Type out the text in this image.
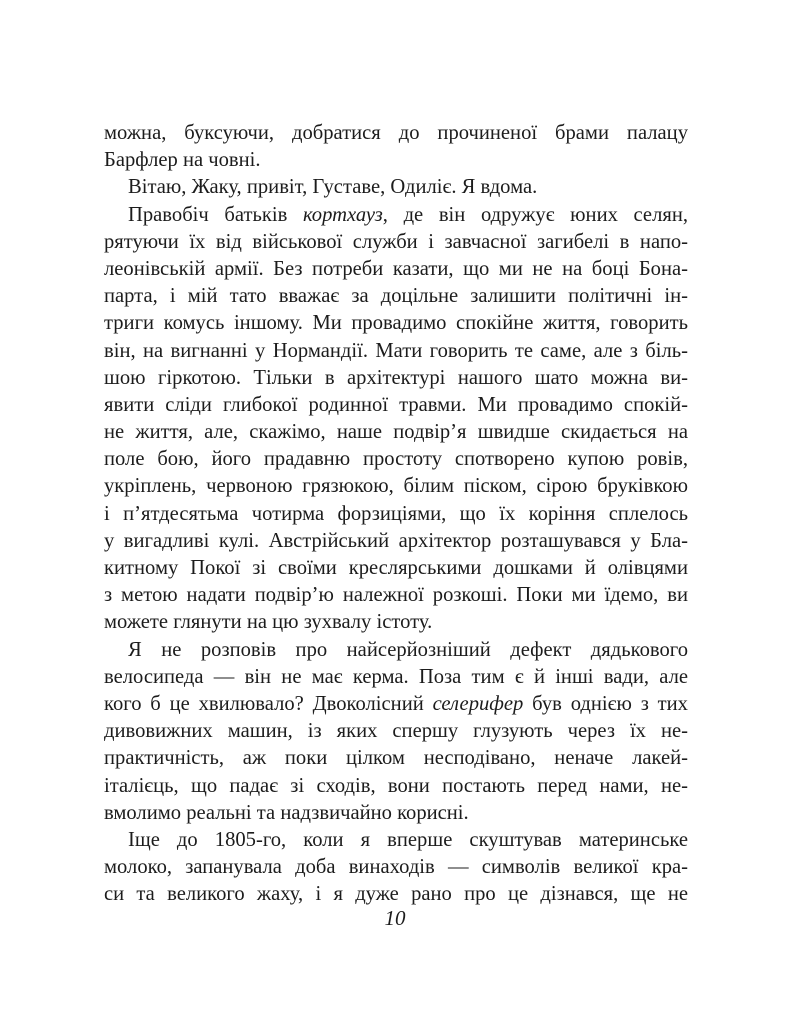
можна, буксуючи, добратися до прочиненої брами палацу
Барфлер на човні.
Вітаю, Жаку, привіт, Густаве, Одиліє. Я вдома.
Правобіч батьків кортхауз, де він одружує юних селян,
рятуючи їх від військової служби і завчасної загибелі в напо-
леонівській армії. Без потреби казати, що ми не на боці Бона-
парта, і мій тато вважає за доцільне залишити політичні ін-
триги комусь іншому. Ми провадимо спокійне життя, говорить
він, на вигнанні у Нормандії. Мати говорить те саме, але з біль-
шою гіркотою. Тільки в архітектурі нашого шато можна ви-
явити сліди глибокої родинної травми. Ми провадимо спокій-
не життя, але, скажімо, наше подвір’я швидше скидається на
поле бою, його прадавню простоту спотворено купою ровів,
укріплень, червоною грязюкою, білим піском, сірою бруківкою
і п’ятдесятьма чотирма форзиціями, що їх коріння сплелось
у вигадливі кулі. Австрійський архітектор розташувався у Бла-
китному Покої зі своїми креслярськими дошками й олівцями
з метою надати подвір’ю належної розкоші. Поки ми їдемо, ви
можете глянути на цю зухвалу істоту.
Я не розповів про найсерйозніший дефект дядькового
велосипеда — він не має керма. Поза тим є й інші вади, але
кого б це хвилювало? Двоколісний селерифер був однією з тих
дивовижних машин, із яких спершу глузують через їх не-
практичність, аж поки цілком несподівано, неначе лакей-
італієць, що падає зі сходів, вони постають перед нами, не-
вмолимо реальні та надзвичайно корисні.
Іще до 1805-го, коли я вперше скуштував материнське
молоко, запанувала доба винаходів — символів великої кра-
си та великого жаху, і я дуже рано про це дізнався, ще не
10
